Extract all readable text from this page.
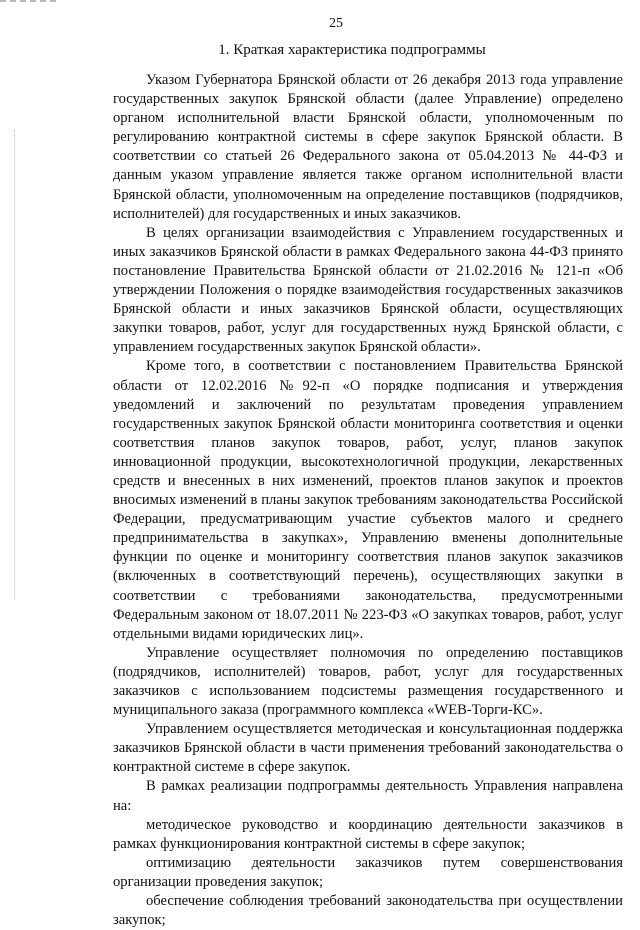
25
1. Краткая характеристика подпрограммы

Указом Губернатора Брянской области от 26 декабря 2013 года управление государственных закупок Брянской области (далее Управление) определено органом исполнительной власти Брянской области, уполномоченным по регулированию контрактной системы в сфере закупок Брянской области. В соответствии со статьей 26 Федерального закона от 05.04.2013 № 44-ФЗ и данным указом управление является также органом исполнительной власти Брянской области, уполномоченным на определение поставщиков (подрядчиков, исполнителей) для государственных и иных заказчиков.

В целях организации взаимодействия с Управлением государственных и иных заказчиков Брянской области в рамках Федерального закона 44-ФЗ принято постановление Правительства Брянской области от 21.02.2016 № 121-п «Об утверждении Положения о порядке взаимодействия государственных заказчиков Брянской области и иных заказчиков Брянской области, осуществляющих закупки товаров, работ, услуг для государственных нужд Брянской области, с управлением государственных закупок Брянской области».

Кроме того, в соответствии с постановлением Правительства Брянской области от 12.02.2016 №92-п «О порядке подписания и утверждения уведомлений и заключений по результатам проведения управлением государственных закупок Брянской области мониторинга соответствия и оценки соответствия планов закупок товаров, работ, услуг, планов закупок инновационной продукции, высокотехнологичной продукции, лекарственных средств и внесенных в них изменений, проектов планов закупок и проектов вносимых изменений в планы закупок требованиям законодательства Российской Федерации, предусматривающим участие субъектов малого и среднего предпринимательства в закупках», Управлению вменены дополнительные функции по оценке и мониторингу соответствия планов закупок заказчиков (включенных в соответствующий перечень), осуществляющих закупки в соответствии с требованиями законодательства, предусмотренными Федеральным законом от 18.07.2011 № 223-ФЗ «О закупках товаров, работ, услуг отдельными видами юридических лиц».

Управление осуществляет полномочия по определению поставщиков (подрядчиков, исполнителей) товаров, работ, услуг для государственных заказчиков с использованием подсистемы размещения государственного и муниципального заказа (программного комплекса «WEB-Торги-КС».

Управлением осуществляется методическая и консультационная поддержка заказчиков Брянской области в части применения требований законодательства о контрактной системе в сфере закупок.

В рамках реализации подпрограммы деятельность Управления направлена на:

методическое руководство и координацию деятельности заказчиков в рамках функционирования контрактной системы в сфере закупок;

оптимизацию деятельности заказчиков путем совершенствования организации проведения закупок;

обеспечение соблюдения требований законодательства при осуществлении закупок;
